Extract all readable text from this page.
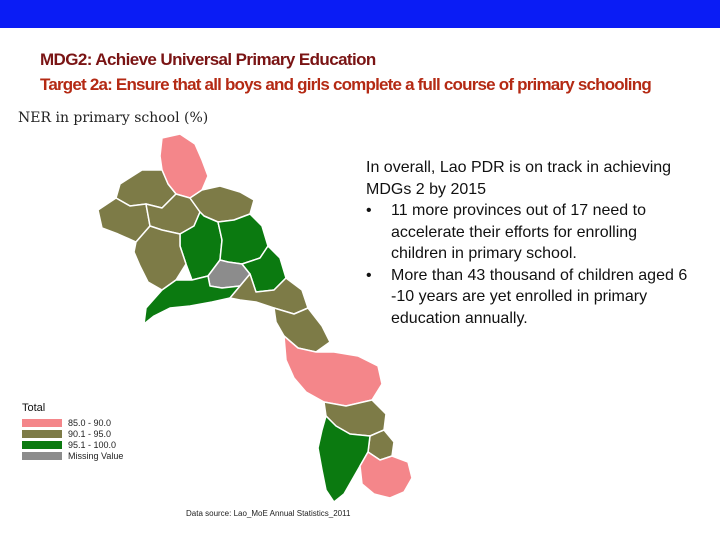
MDG2: Achieve Universal Primary Education
Target 2a: Ensure that all boys and girls complete a full course of primary schooling
NER in primary school (%)
Total
85.0 - 90.0
90.1 - 95.0
95.1 - 100.0
Missing Value
Data source: Lao_MoE Annual Statistics_2011

In overall, Lao PDR is on track in achieving
MDGs 2 by 2015

•	11 more provinces out of 17 need to
accelerate their efforts for enrolling
children in primary school.
•	More than 43 thousand of children aged 6
-10 years are yet enrolled in primary
education annually.
